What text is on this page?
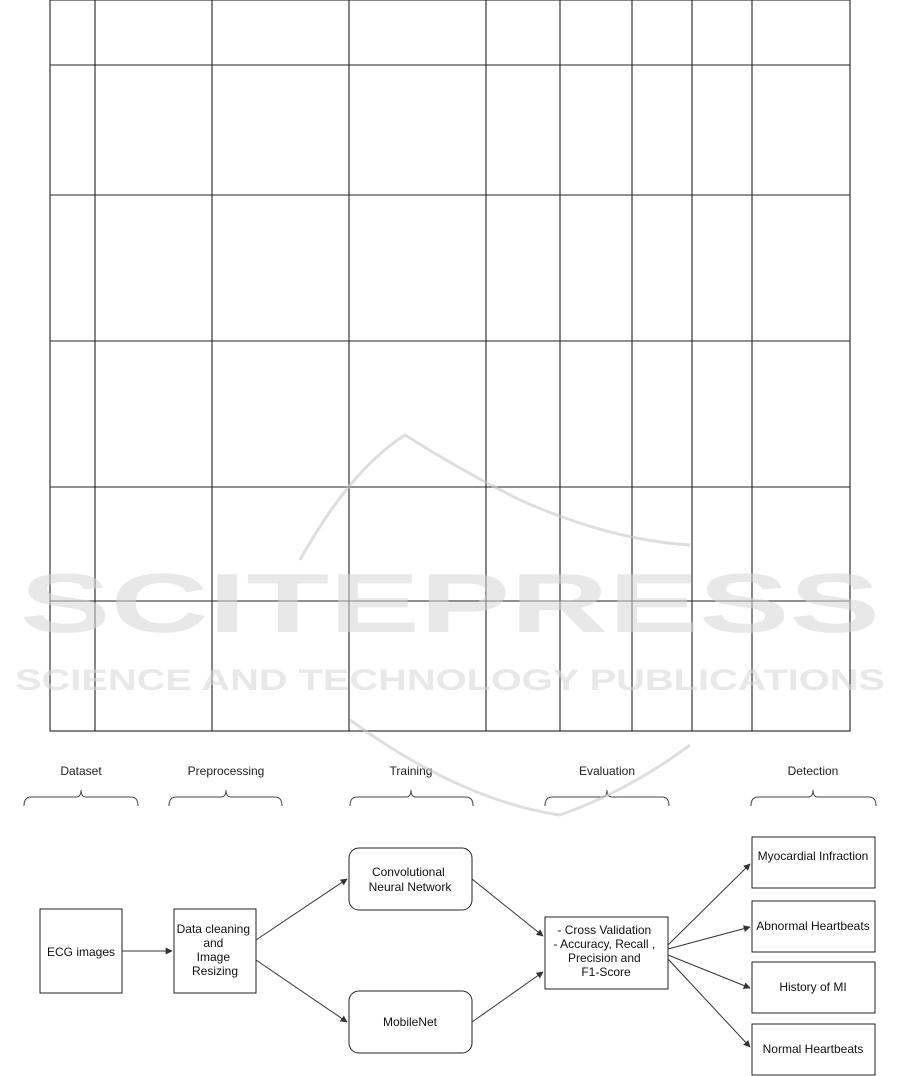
Dataset	Preprocessing	Training	Evaluation	Detection
ECG images
Data cleaning and Image Resizing
Convolutional Neural Network
MobileNet
- Cross Validation - Accuracy, Recall , Precision and F1-Score
Myocardial Infraction
Abnormal Heartbeats
History of MI
Normal Heartbeats
SCITEPRESS
SCIENCE AND TECHNOLOGY PUBLICATIONS
